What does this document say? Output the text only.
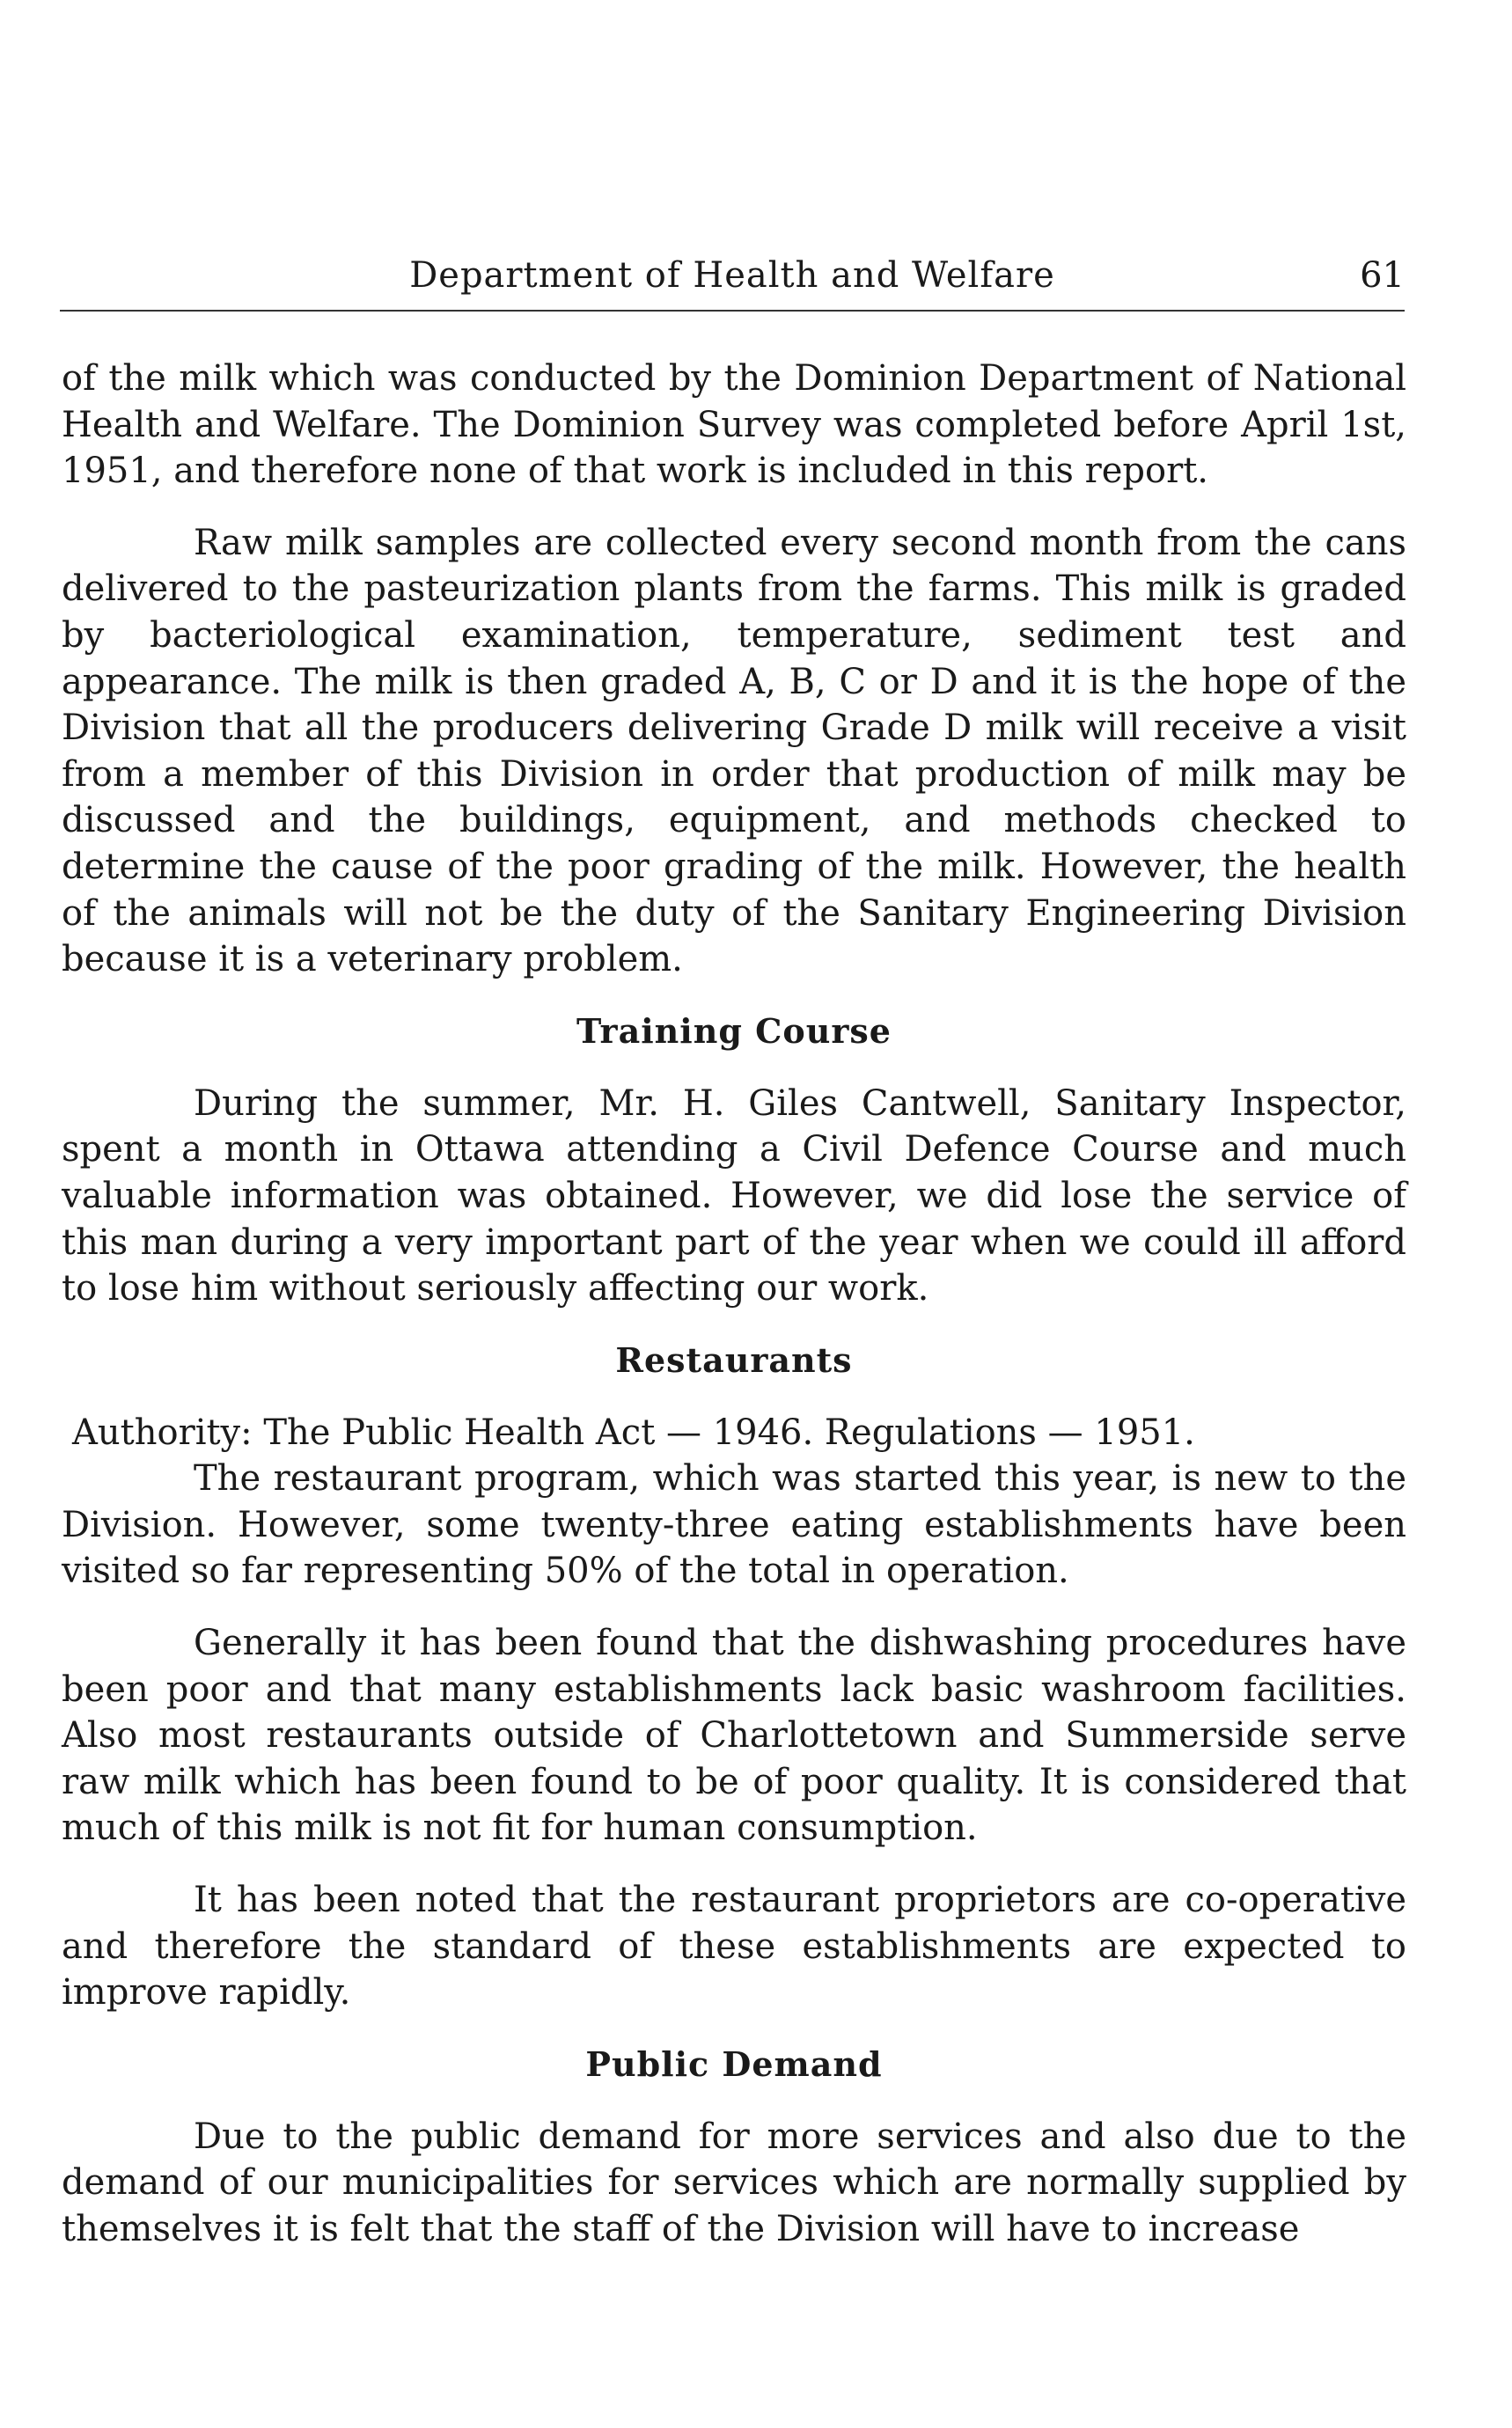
Department of Health and Welfare	61

of the milk which was conducted by the Dominion Department of National Health and Welfare. The Dominion Survey was completed before April 1st, 1951, and therefore none of that work is included in this report.

Raw milk samples are collected every second month from the cans delivered to the pasteurization plants from the farms. This milk is graded by bacteriological examination, temperature, sediment test and appearance. The milk is then graded A, B, C or D and it is the hope of the Division that all the producers delivering Grade D milk will receive a visit from a member of this Division in order that production of milk may be discussed and the buildings, equipment, and methods checked to determine the cause of the poor grading of the milk. However, the health of the animals will not be the duty of the Sanitary Engineering Division because it is a veterinary problem.

Training Course

During the summer, Mr. H. Giles Cantwell, Sanitary Inspector, spent a month in Ottawa attending a Civil Defence Course and much valuable information was obtained. However, we did lose the service of this man during a very important part of the year when we could ill afford to lose him without seriously affecting our work.

Restaurants

Authority: The Public Health Act — 1946. Regulations — 1951.

The restaurant program, which was started this year, is new to the Division. However, some twenty-three eating establishments have been visited so far representing 50% of the total in operation.

Generally it has been found that the dishwashing procedures have been poor and that many establishments lack basic washroom facilities. Also most restaurants outside of Charlottetown and Summerside serve raw milk which has been found to be of poor quality. It is considered that much of this milk is not fit for human consumption.

It has been noted that the restaurant proprietors are co-operative and therefore the standard of these establishments are expected to improve rapidly.

Public Demand

Due to the public demand for more services and also due to the demand of our municipalities for services which are normally supplied by themselves it is felt that the staff of the Division will have to increase
